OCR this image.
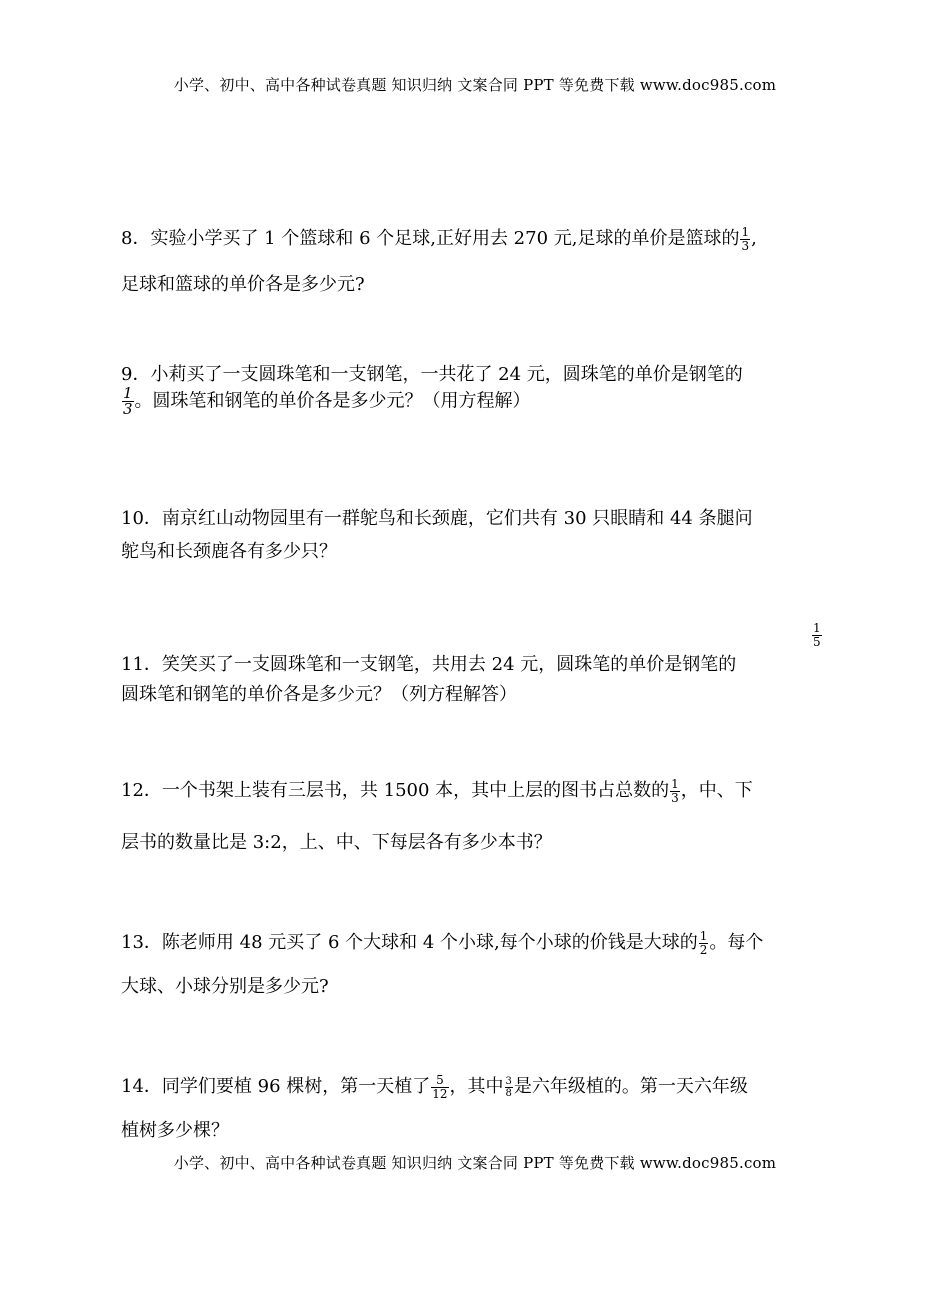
小学、初中、高中各种试卷真题 知识归纳 文案合同 PPT 等免费下载 www.doc985.com
8．实验小学买了 1 个篮球和 6 个足球,正好用去 270 元,足球的单价是篮球的 $\frac{1}{3}$ ,
足球和篮球的单价各是多少元?
9．小莉买了一支圆珠笔和一支钢笔，一共花了 24 元，圆珠笔的单价是钢笔的
$\frac{1}{3}$ 。圆珠笔和钢笔的单价各是多少元？（用方程解）
10．南京红山动物园里有一群鸵鸟和长颈鹿，它们共有 30 只眼睛和 44 条腿问
鸵鸟和长颈鹿各有多少只？
$\frac{1}{5}$
11．笑笑买了一支圆珠笔和一支钢笔，共用去 24 元，圆珠笔的单价是钢笔的
圆珠笔和钢笔的单价各是多少元？（列方程解答）
12．一个书架上装有三层书，共 1500 本，其中上层的图书占总数的 $\frac{1}{3}$ ，中、下
层书的数量比是 3:2，上、中、下每层各有多少本书？
13．陈老师用 48 元买了 6 个大球和 4 个小球,每个小球的价钱是大球的 $\frac{1}{2}$ 。每个
大球、小球分别是多少元?
14．同学们要植 96 棵树，第一天植了 $\frac{5}{12}$ ，其中 $\frac{3}{8}$ 是六年级植的。第一天六年级
植树多少棵？
小学、初中、高中各种试卷真题 知识归纳 文案合同 PPT 等免费下载 www.doc985.com
